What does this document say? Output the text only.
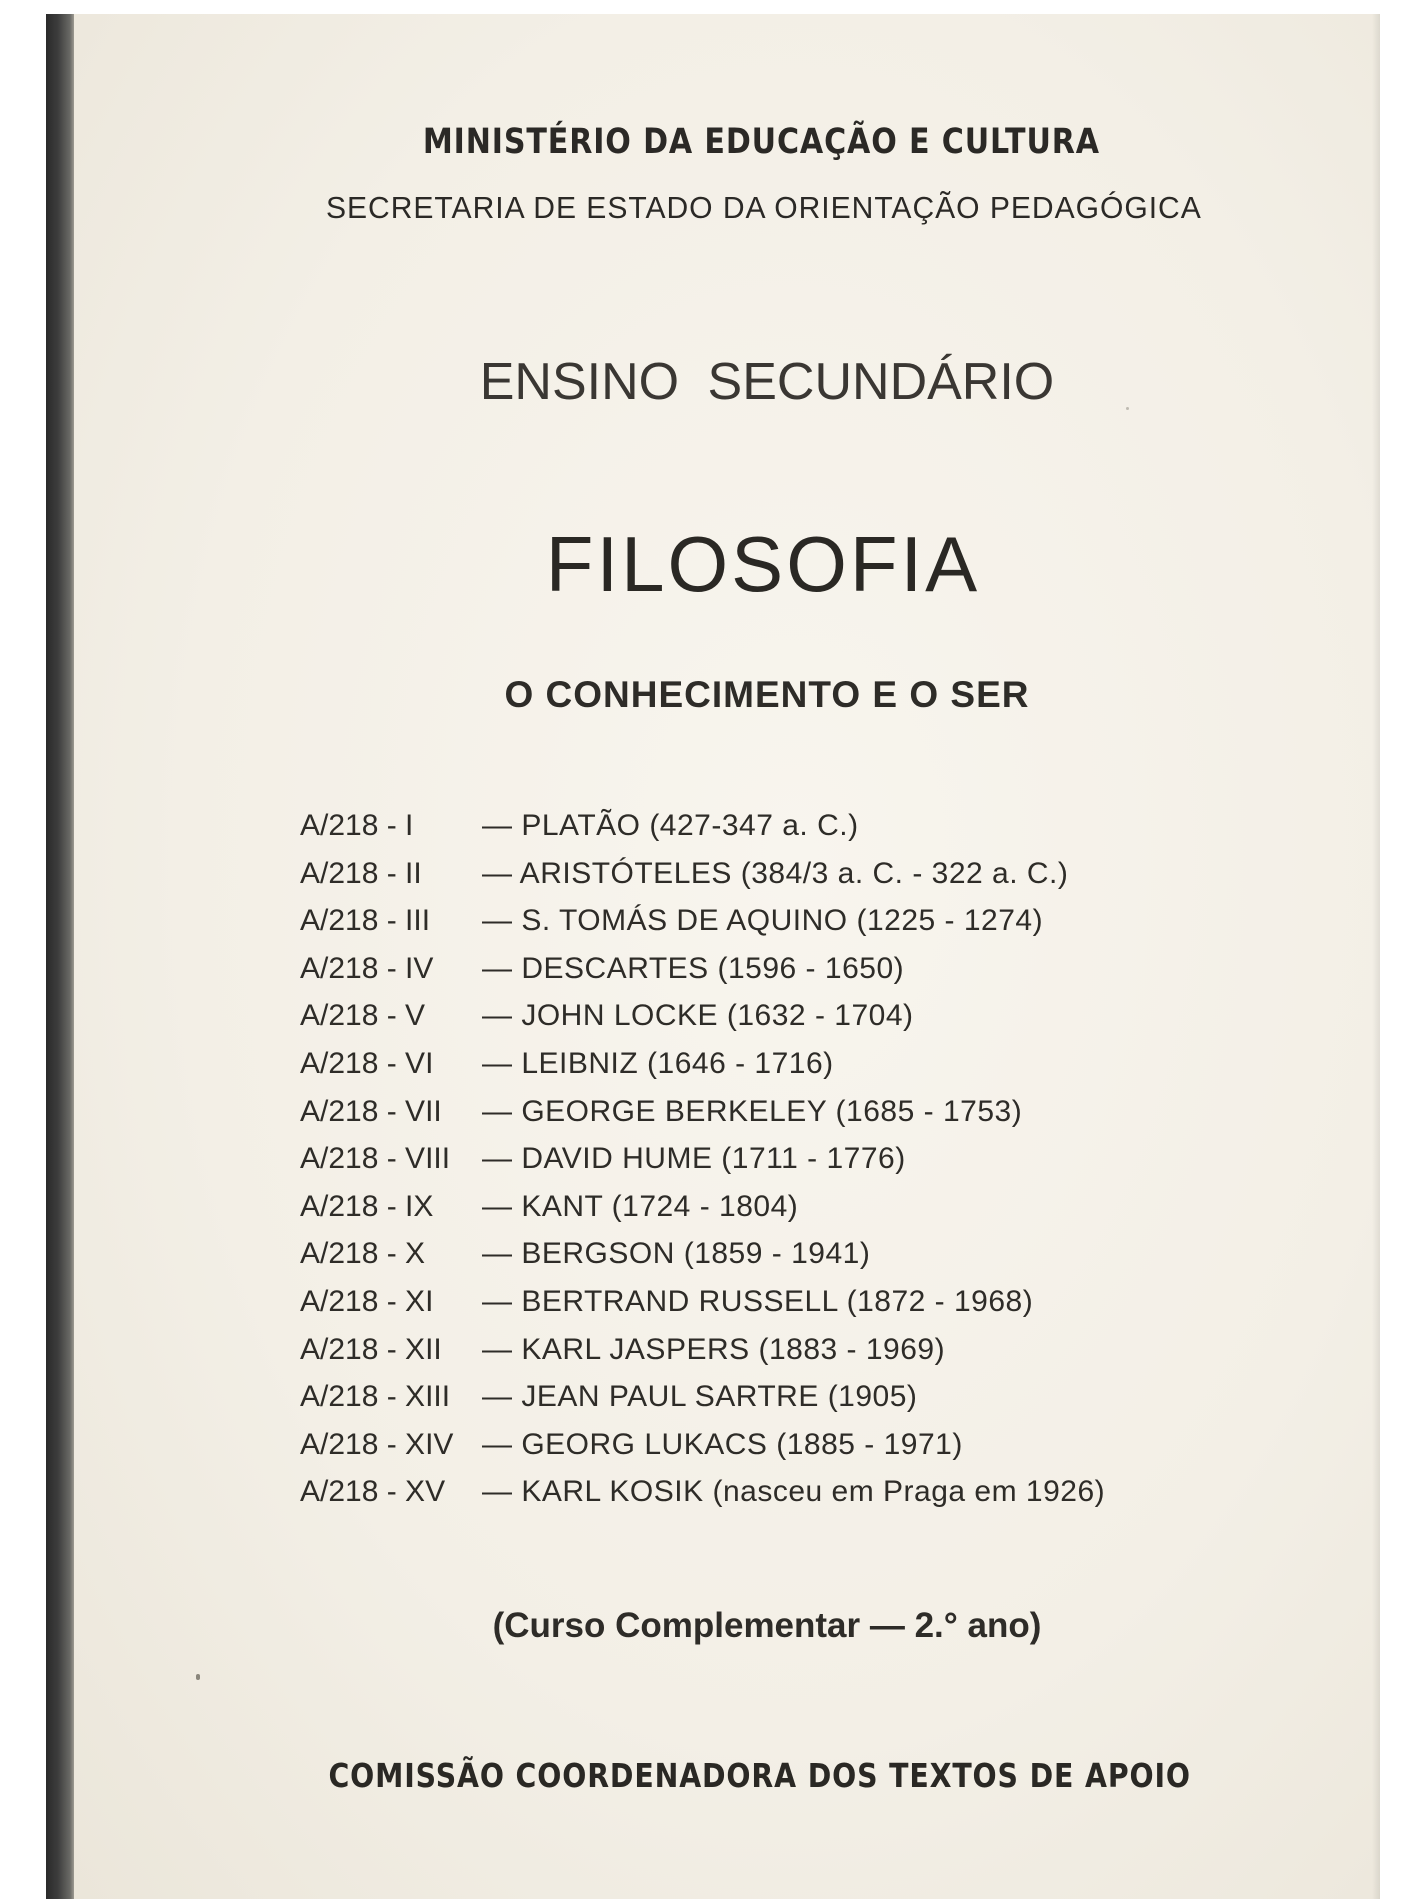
MINISTÉRIO DA EDUCAÇÃO E CULTURA
SECRETARIA DE ESTADO DA ORIENTAÇÃO PEDAGÓGICA
ENSINO SECUNDÁRIO
FILOSOFIA
O CONHECIMENTO E O SER
A/218 - I — PLATÃO (427-347 a. C.)
A/218 - II — ARISTÓTELES (384/3 a. C. - 322 a. C.)
A/218 - III — S. TOMÁS DE AQUINO (1225 - 1274)
A/218 - IV — DESCARTES (1596 - 1650)
A/218 - V — JOHN LOCKE (1632 - 1704)
A/218 - VI — LEIBNIZ (1646 - 1716)
A/218 - VII — GEORGE BERKELEY (1685 - 1753)
A/218 - VIII — DAVID HUME (1711 - 1776)
A/218 - IX — KANT (1724 - 1804)
A/218 - X — BERGSON (1859 - 1941)
A/218 - XI — BERTRAND RUSSELL (1872 - 1968)
A/218 - XII — KARL JASPERS (1883 - 1969)
A/218 - XIII — JEAN PAUL SARTRE (1905)
A/218 - XIV — GEORG LUKACS (1885 - 1971)
A/218 - XV — KARL KOSIK (nasceu em Praga em 1926)
(Curso Complementar — 2.° ano)
COMISSÃO COORDENADORA DOS TEXTOS DE APOIO
